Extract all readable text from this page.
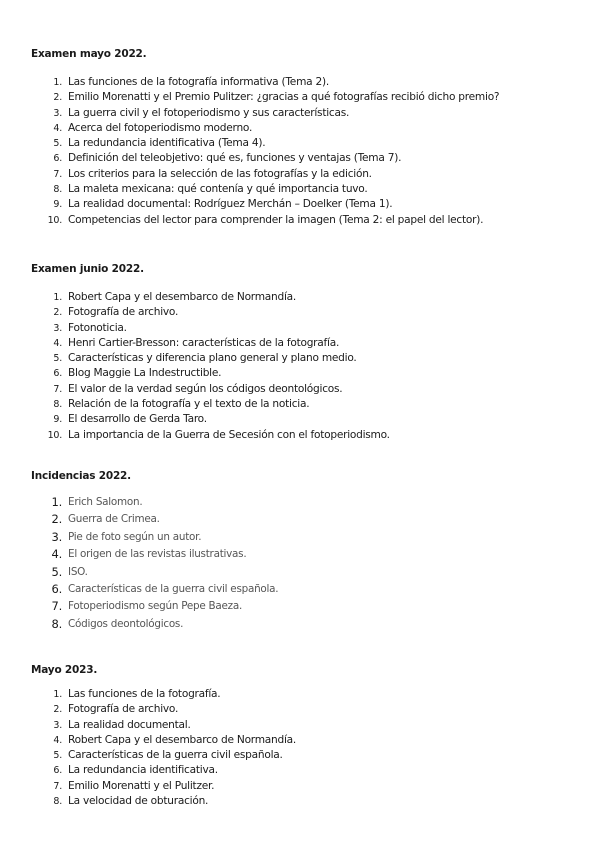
Examen mayo 2022.
1. Las funciones de la fotografía informativa (Tema 2).
2. Emilio Morenatti y el Premio Pulitzer: ¿gracias a qué fotografías recibió dicho premio?
3. La guerra civil y el fotoperiodismo y sus características.
4. Acerca del fotoperiodismo moderno.
5. La redundancia identificativa (Tema 4).
6. Definición del teleobjetivo: qué es, funciones y ventajas (Tema 7).
7. Los criterios para la selección de las fotografías y la edición.
8. La maleta mexicana: qué contenía y qué importancia tuvo.
9. La realidad documental: Rodríguez Merchán – Doelker (Tema 1).
10. Competencias del lector para comprender la imagen (Tema 2: el papel del lector).
Examen junio 2022.
1. Robert Capa y el desembarco de Normandía.
2. Fotografía de archivo.
3. Fotonoticia.
4. Henri Cartier-Bresson: características de la fotografía.
5. Características y diferencia plano general y plano medio.
6. Blog Maggie La Indestructible.
7. El valor de la verdad según los códigos deontológicos.
8. Relación de la fotografía y el texto de la noticia.
9. El desarrollo de Gerda Taro.
10. La importancia de la Guerra de Secesión con el fotoperiodismo.
Incidencias 2022.
1. Erich Salomon.
2. Guerra de Crimea.
3. Pie de foto según un autor.
4. El origen de las revistas ilustrativas.
5. ISO.
6. Características de la guerra civil española.
7. Fotoperiodismo según Pepe Baeza.
8. Códigos deontológicos.
Mayo 2023.
1. Las funciones de la fotografía.
2. Fotografía de archivo.
3. La realidad documental.
4. Robert Capa y el desembarco de Normandía.
5. Características de la guerra civil española.
6. La redundancia identificativa.
7. Emilio Morenatti y el Pulitzer.
8. La velocidad de obturación.
